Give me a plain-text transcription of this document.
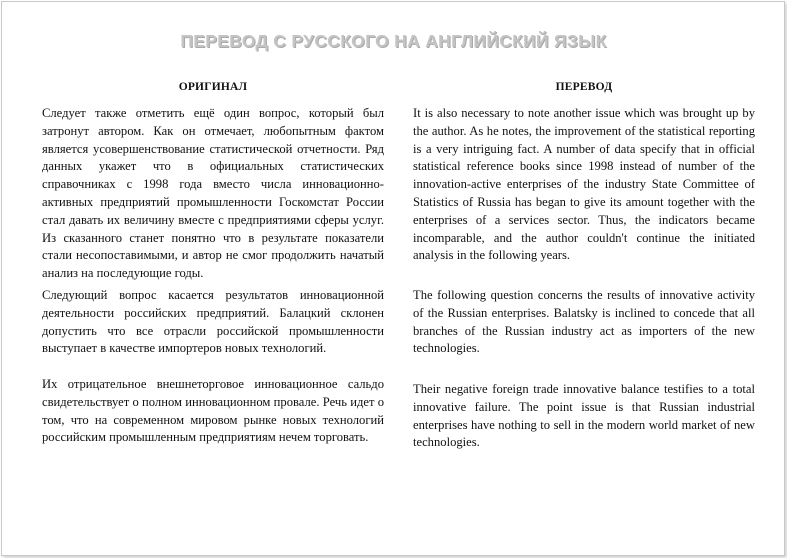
ПЕРЕВОД С РУССКОГО НА АНГЛИЙСКИЙ ЯЗЫК
ОРИГИНАЛ	ПЕРЕВОД

Следует также отметить ещё один вопрос, который был затронут автором. Как он отмечает, любопытным фактом является усовершенствование статистической отчетности. Ряд данных укажет что в официальных статистических справочниках с 1998 года вместо числа инновационно-активных предприятий промышленности Госкомстат России стал давать их величину вместе с предприятиями сферы услуг. Из сказанного станет понятно что в результате показатели стали несопоставимыми, и автор не смог продолжить начатый анализ на последующие годы.

Следующий вопрос касается результатов инновационной деятельности российских предприятий. Балацкий склонен допустить что все отрасли российской промышленности выступает в качестве импортеров новых технологий.

Их отрицательное внешнеторговое инновационное сальдо свидетельствует о полном инновационном провале. Речь идет о том, что на современном мировом рынке новых технологий российским промышленным предприятиям нечем торговать.

It is also necessary to note another issue which was brought up by the author. As he notes, the improvement of the statistical reporting is a very intriguing fact. A number of data specify that in official statistical reference books since 1998 instead of number of the innovation-active enterprises of the industry State Committee of Statistics of Russia has began to give its amount together with the enterprises of a services sector. Thus, the indicators became incomparable, and the author couldn't continue the initiated analysis in the following years.

The following question concerns the results of innovative activity of the Russian enterprises. Balatsky is inclined to concede that all branches of the Russian industry act as importers of the new technologies.

Their negative foreign trade innovative balance testifies to a total innovative failure. The point issue is that Russian industrial enterprises have nothing to sell in the modern world market of new technologies.
